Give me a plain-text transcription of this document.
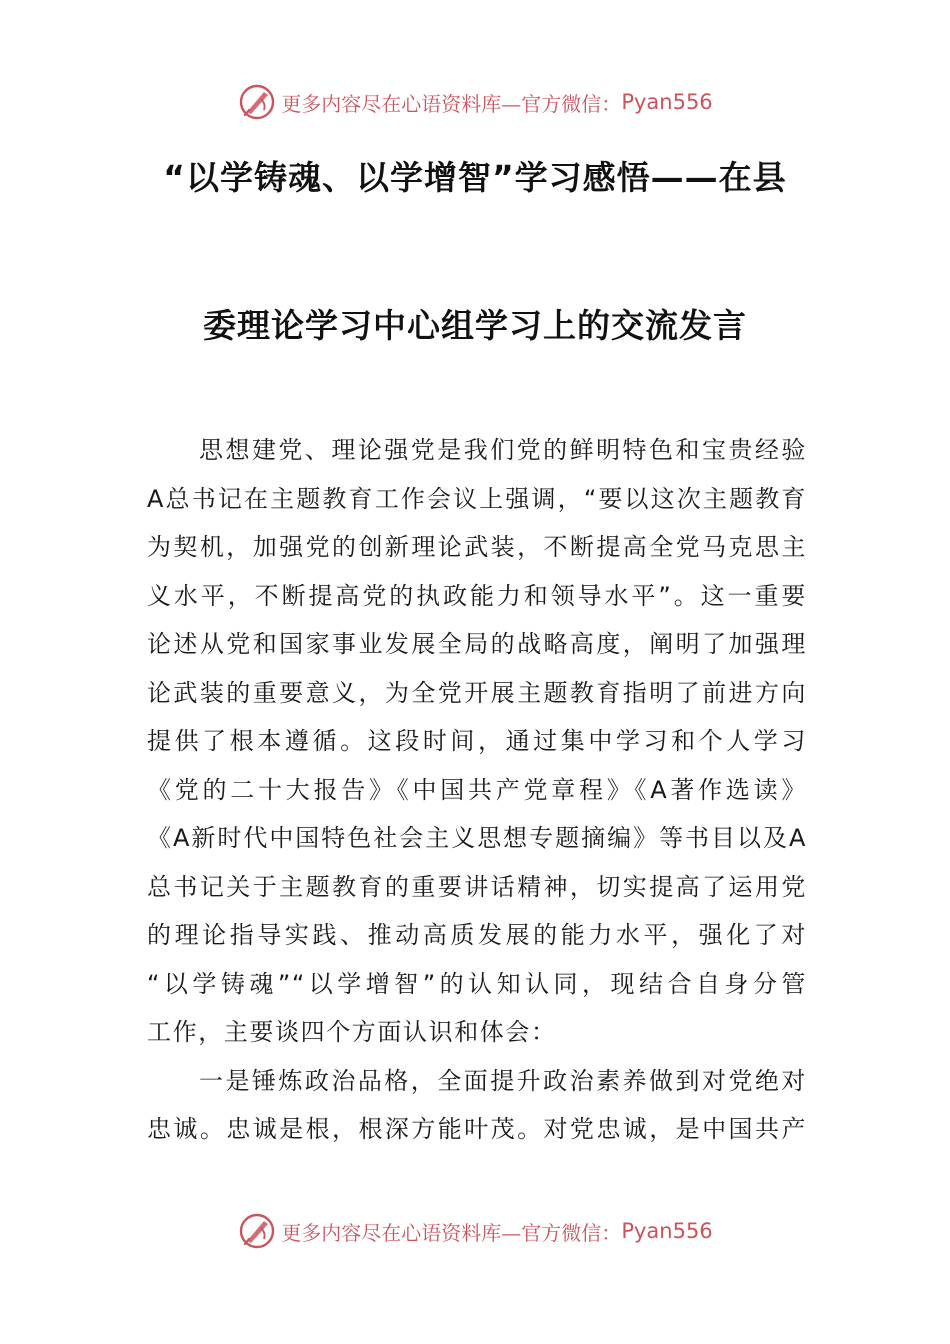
更多内容尽在心语资料库—官方微信： Pyan556
“以学铸魂、以学增智”学习感悟——在县
委理论学习中心组学习上的交流发言
思想建党、理论强党是我们党的鲜明特色和宝贵经验
A总书记在主题教育工作会议上强调，“要以这次主题教育
为契机，加强党的创新理论武装，不断提高全党马克思主
义水平，不断提高党的执政能力和领导水平”。这一重要
论述从党和国家事业发展全局的战略高度，阐明了加强理
论武装的重要意义，为全党开展主题教育指明了前进方向
提供了根本遵循。这段时间，通过集中学习和个人学习
《党的二十大报告》《中国共产党章程》《A著作选读》
《A新时代中国特色社会主义思想专题摘编》等书目以及A
总书记关于主题教育的重要讲话精神，切实提高了运用党
的理论指导实践、推动高质发展的能力水平，强化了对
“以学铸魂”“以学增智”的认知认同，现结合自身分管
工作，主要谈四个方面认识和体会：
一是锤炼政治品格，全面提升政治素养做到对党绝对
忠诚。忠诚是根，根深方能叶茂。对党忠诚，是中国共产
更多内容尽在心语资料库—官方微信： Pyan556
